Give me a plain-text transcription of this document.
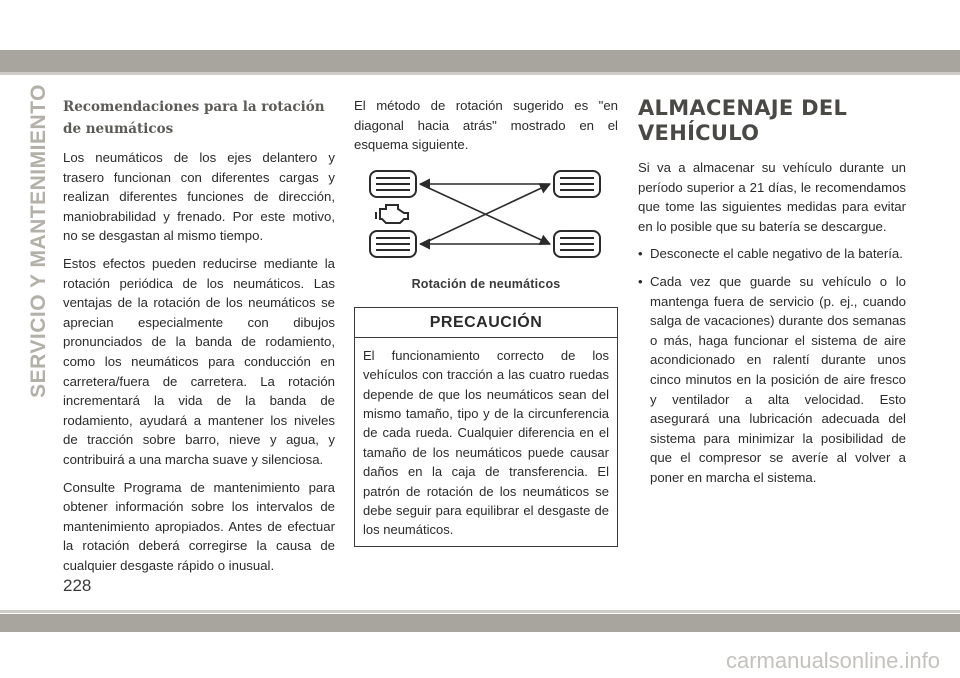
SERVICIO Y MANTENIMIENTO Recomendaciones para la rotación de neumáticos

Los neumáticos de los ejes delantero y trasero funcionan con diferentes cargas y realizan diferentes funciones de dirección, maniobrabilidad y frenado. Por este motivo, no se desgastan al mismo tiempo.

Estos efectos pueden reducirse mediante la rotación periódica de los neumáticos. Las ventajas de la rotación de los neumáticos se aprecian especialmente con dibujos pronunciados de la banda de rodamiento, como los neumáticos para conducción en carretera/fuera de carretera. La rotación incrementará la vida de la banda de rodamiento, ayudará a mantener los niveles de tracción sobre barro, nieve y agua, y contribuirá a una marcha suave y silenciosa.

Consulte Programa de mantenimiento para obtener información sobre los intervalos de mantenimiento apropiados. Antes de efectuar la rotación deberá corregirse la causa de cualquier desgaste rápido o inusual.

El método de rotación sugerido es "en diagonal hacia atrás" mostrado en el esquema siguiente.

Rotación de neumáticos
PRECAUCIÓN

El funcionamiento correcto de los vehículos con tracción a las cuatro ruedas depende de que los neumáticos sean del mismo tamaño, tipo y de la circunferencia de cada rueda. Cualquier diferencia en el tamaño de los neumáticos puede causar daños en la caja de transferencia. El patrón de rotación de los neumáticos se debe seguir para equilibrar el desgaste de los neumáticos.

ALMACENAJE DEL VEHÍCULO

Si va a almacenar su vehículo durante un período superior a 21 días, le recomendamos que tome las siguientes medidas para evitar en lo posible que su batería se descargue.

• Desconecte el cable negativo de la batería.
• Cada vez que guarde su vehículo o lo mantenga fuera de servicio (p. ej., cuando salga de vacaciones) durante dos semanas o más, haga funcionar el sistema de aire acondicionado en ralentí durante unos cinco minutos en la posición de aire fresco y ventilador a alta velocidad. Esto asegurará una lubricación adecuada del sistema para minimizar la posibilidad de que el compresor se averíe al volver a poner en marcha el sistema.
228
carmanualsonline.info
